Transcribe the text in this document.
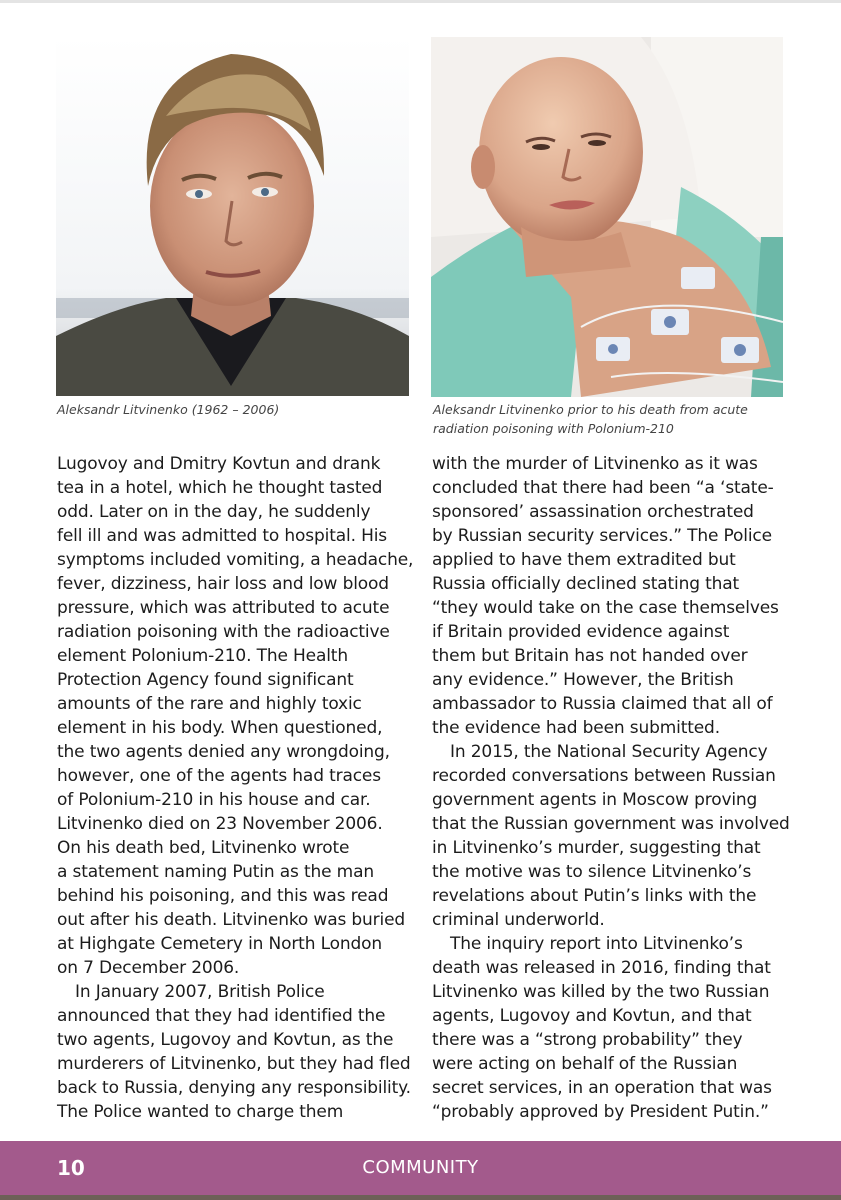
Aleksandr Litvinenko (1962 – 2006)	Aleksandr Litvinenko prior to his death from acute
radiation poisoning with Polonium-210

Lugovoy and Dmitry Kovtun and drank
tea in a hotel, which he thought tasted
odd. Later on in the day, he suddenly
fell ill and was admitted to hospital. His
symptoms included vomiting, a headache,
fever, dizziness, hair loss and low blood
pressure, which was attributed to acute
radiation poisoning with the radioactive
element Polonium-210. The Health
Protection Agency found significant
amounts of the rare and highly toxic
element in his body. When questioned,
the two agents denied any wrongdoing,
however, one of the agents had traces
of Polonium-210 in his house and car.
Litvinenko died on 23 November 2006.
On his death bed, Litvinenko wrote
a statement naming Putin as the man
behind his poisoning, and this was read
out after his death. Litvinenko was buried
at Highgate Cemetery in North London
on 7 December 2006.

In January 2007, British Police
announced that they had identified the
two agents, Lugovoy and Kovtun, as the
murderers of Litvinenko, but they had fled
back to Russia, denying any responsibility.
The Police wanted to charge them

with the murder of Litvinenko as it was
concluded that there had been “a ‘state-
sponsored’ assassination orchestrated
by Russian security services.” The Police
applied to have them extradited but
Russia officially declined stating that
“they would take on the case themselves
if Britain provided evidence against
them but Britain has not handed over
any evidence.” However, the British
ambassador to Russia claimed that all of
the evidence had been submitted.

In 2015, the National Security Agency
recorded conversations between Russian
government agents in Moscow proving
that the Russian government was involved
in Litvinenko’s murder, suggesting that
the motive was to silence Litvinenko’s
revelations about Putin’s links with the
criminal underworld.

The inquiry report into Litvinenko’s
death was released in 2016, finding that
Litvinenko was killed by the two Russian
agents, Lugovoy and Kovtun, and that
there was a “strong probability” they
were acting on behalf of the Russian
secret services, in an operation that was
“probably approved by President Putin.”

10	COMMUNITY
